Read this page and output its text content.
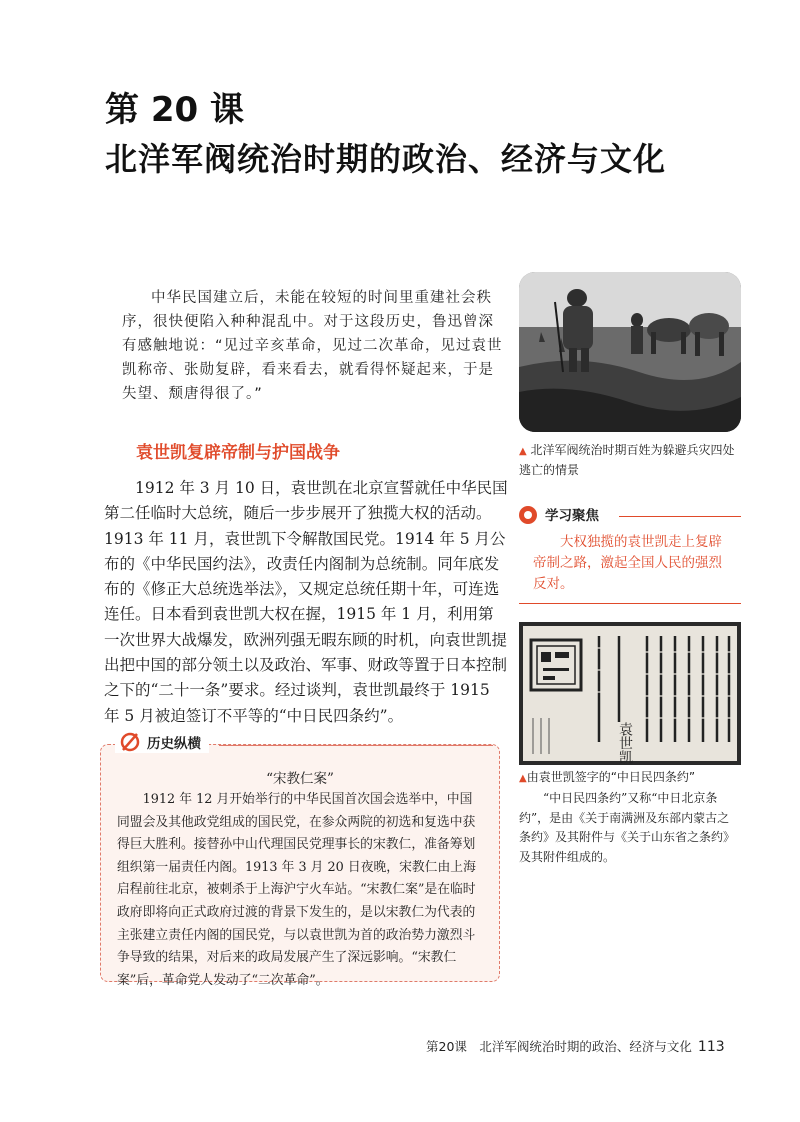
第 20 课
北洋军阀统治时期的政治、经济与文化

中华民国建立后，未能在较短的时间里重建社会秩序，很快便陷入种种混乱中。对于这段历史，鲁迅曾深有感触地说：“见过辛亥革命，见过二次革命，见过袁世凯称帝、张勋复辟，看来看去，就看得怀疑起来，于是失望、颓唐得很了。”

袁世凯复辟帝制与护国战争

1912 年 3 月 10 日，袁世凯在北京宣誓就任中华民国第二任临时大总统，随后一步步展开了独揽大权的活动。1913 年 11 月，袁世凯下令解散国民党。1914 年 5 月公布的《中华民国约法》，改责任内阁制为总统制。同年底发布的《修正大总统选举法》，又规定总统任期十年，可连选连任。日本看到袁世凯大权在握，1915 年 1 月，利用第一次世界大战爆发，欧洲列强无暇东顾的时机，向袁世凯提出把中国的部分领土以及政治、军事、财政等置于日本控制之下的“二十一条”要求。经过谈判，袁世凯最终于 1915 年 5 月被迫签订不平等的“中日民四条约”。

▲ 北洋军阀统治时期百姓为躲避兵灾四处逃亡的情景

学习聚焦

大权独揽的袁世凯走上复辟帝制之路，激起全国人民的强烈反对。

袁世凯

▲由袁世凯签字的“中日民四条约”

“中日民四条约”又称“中日北京条约”，是由《关于南满洲及东部内蒙古之条约》及其附件与《关于山东省之条约》及其附件组成的。

历史纵横
“宋教仁案”

1912 年 12 月开始举行的中华民国首次国会选举中，中国同盟会及其他政党组成的国民党，在参众两院的初选和复选中获得巨大胜利。接替孙中山代理国民党理事长的宋教仁，准备筹划组织第一届责任内阁。1913 年 3 月 20 日夜晚，宋教仁由上海启程前往北京，被刺杀于上海沪宁火车站。“宋教仁案”是在临时政府即将向正式政府过渡的背景下发生的，是以宋教仁为代表的主张建立责任内阁的国民党，与以袁世凯为首的政治势力激烈斗争导致的结果，对后来的政局发展产生了深远影响。“宋教仁案”后，革命党人发动了“二次革命”。

第20课　北洋军阀统治时期的政治、经济与文化 113
